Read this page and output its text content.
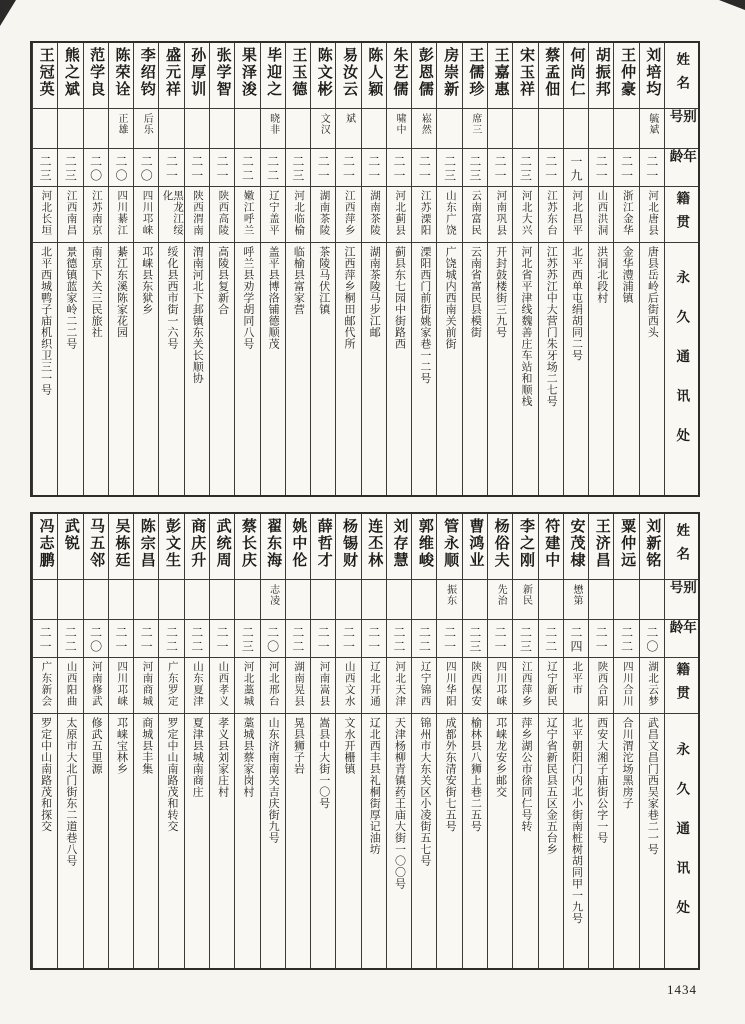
姓名
别号
年龄
籍贯
永久通讯处
刘培均
毓斌
二一
河北唐县
唐县岳岭后街西头
王仲豪
二一
浙江金华
金华澧浦镇
胡振邦
二一
山西洪洞
洪洞北段村
何尚仁
一九
河北昌平
北平西单屯绢胡同二号
蔡孟佃
二一
江苏东台
江苏苏江中大营门朱牙场二七号
宋玉祥
二三
河北大兴
河北省平津线魏善庄车站和顺栈
王嘉惠
二一
河南巩县
开封鼓楼街三九号
王儒珍
席三
二三
云南富民
云南省富民县模街
房崇新
二三
山东广饶
广饶城内西南关前街
彭恩儒
崧然
二一
江苏溧阳
溧阳西门前街姚家巷一二号
朱艺儒
啸中
二一
河北蓟县
蓟县东七园中街路西
陈人颖
二一
湖南茶陵
湖南茶陵马步江邮
易汝云
斌
二一
江西萍乡
江西萍乡桐田邮代所
陈文彬
文汉
二一
湖南茶陵
茶陵马伏江镇
王玉德
二三
河北临榆
临榆县富家营
毕迎之
晓非
二二
辽宁盖平
盖平县博洛铺德顺茂
果泽浚
二二
嫩江呼兰
呼兰县劝学胡同八号
张学智
二一
陕西高陵
高陵县复新合
孙厚训
二一
陕西渭南
渭南河北下邽镇东关长顺协
盛元祥
二一
黑龙江绥化
绥化县西市街一六号
李绍钧
后乐
二〇
四川邛崃
邛崃县东狱乡
陈荣诠
正雄
二〇
四川綦江
綦江东溪陈家花园
范学良
二〇
江苏南京
南京下关三民旅社
熊之斌
二三
江西南昌
景德镇蓝家岭二二号
王冠英
二三
河北长垣
北平西城鸭子庙机织卫三一号
姓名
别号
年龄
籍贯
永久通讯处
刘新铭
二〇
湖北云梦
武昌文昌门西吴家巷二一号
粟仲远
二二
四川合川
合川渭沱场黑房子
王济昌
二一
陕西合阳
西安大湘子庙街公字一号
安茂棣
懋第
二四
北平市
北平朝阳门内北小街南桩树胡同甲一九号
符建中
二二
辽宁新民
辽宁省新民县五区金五台乡
李之刚
新民
二三
江西萍乡
萍乡湖公市徐同仁号转
杨俗夫
先治
二一
四川邛崃
邛崃龙安乡邮交
曹鸿业
二三
陕西保安
榆林县八狮上巷二五号
管永顺
振东
二一
四川华阳
成都外东清安街七五号
郭维峻
二二
辽宁锦西
锦州市大东关区小凌街五七号
刘存慧
二二
河北天津
天津杨柳青镇药王庙大街一〇〇号
连丕林
二一
辽北开通
辽北西丰县礼桐街厚记油坊
杨锡财
二一
山西文水
文水开栅镇
薛哲才
二一
河南嵩县
嵩县中大街一〇号
姚中伦
二二
湖南晃县
晃县狮子岩
翟东海
志凌
二〇
河北邢台
山东济南南关吉庆街九号
蔡长庆
二三
河北藁城
藁城县蔡家岗村
武统周
二一
山西孝义
孝义县刘家庄村
商庆升
二二
山东夏津
夏津县城南商庄
彭文生
二二
广东罗定
罗定中山南路茂和转交
陈宗昌
二一
河南商城
商城县丰集
吴栋廷
二一
四川邛崃
邛崃宝林乡
马五邻
二〇
河南修武
修武五里源
武锐
二二
山西阳曲
太原市大北门街东二道巷八号
冯志鹏
二一
广东新会
罗定中山南路茂和探交
1434
